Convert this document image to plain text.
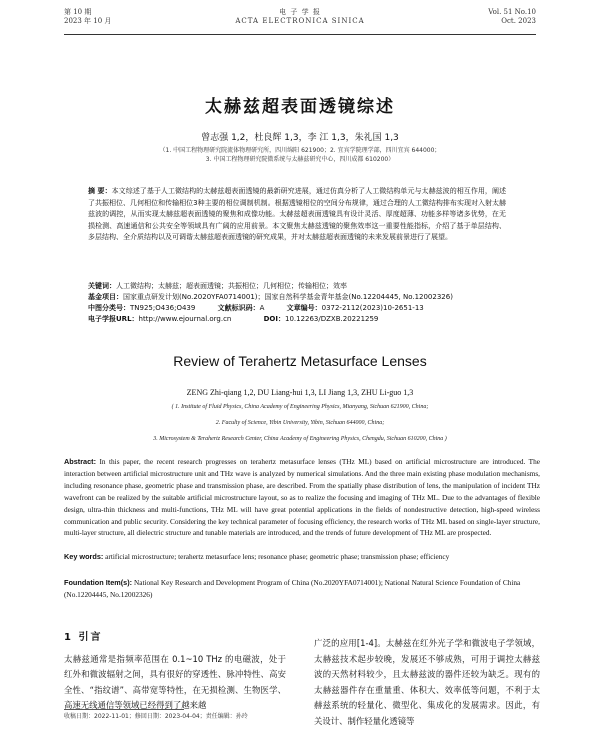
第 10 期
2023 年 10 月
电 子 学 报
ACTA ELECTRONICA SINICA
Vol. 51 No.10
Oct. 2023
太赫兹超表面透镜综述
曾志强 1,2，杜良辉 1,3，李 江 1,3，朱礼国 1,3
（1. 中国工程物理研究院流体物理研究所，四川绵阳 621900；2. 宜宾学院理学部，四川宜宾 644000；
3. 中国工程物理研究院微系统与太赫兹研究中心，四川成都 610200）
摘 要：本文综述了基于人工微结构的太赫兹超表面透镜的最新研究进展，通过仿真分析了人工微结构单元与太赫兹波的相互作用，阐述了共振相位、几何相位和传输相位3种主要的相位调制机制。根据透镜相位的空间分布规律，通过合理的人工微结构排布实现对入射太赫兹波的调控，从而实现太赫兹超表面透镜的聚焦和成像功能。太赫兹超表面透镜具有设计灵活、厚度超薄、功能多样等诸多优势，在无损检测、高速通信和公共安全等领域具有广阔的应用前景。本文聚焦太赫兹透镜的聚焦效率这一重要性能指标，介绍了基于单层结构、多层结构、全介质结构以及可调谐太赫兹超表面透镜的研究成果，并对太赫兹超表面透镜的未来发展前景进行了展望。
关键词：人工微结构；太赫兹；超表面透镜；共振相位；几何相位；传输相位；效率
基金项目：国家重点研发计划(No.2020YFA0714001)；国家自然科学基金青年基金(No.12204445, No.12002326)
中图分类号：TN925;O436;O439	文献标识码：A	文章编号：0372-2112(2023)10-2651-13
电子学报URL：http://www.ejournal.org.cn	DOI：10.12263/DZXB.20221259
Review of Terahertz Metasurface Lenses
ZENG Zhi-qiang 1,2, DU Liang-hui 1,3, LI Jiang 1,3, ZHU Li-guo 1,3
( 1. Institute of Fluid Physics, China Academy of Engineering Physics, Mianyang, Sichuan 621900, China;
2. Faculty of Science, Yibin University, Yibin, Sichuan 644000, China;
3. Microsystem & Terahertz Research Center, China Academy of Engineering Physics, Chengdu, Sichuan 610200, China )
Abstract: In this paper, the recent research progresses on terahertz metasurface lenses (THz ML) based on artificial microstructure are introduced. The interaction between artificial microstructure unit and THz wave is analyzed by numerical simulations. And the three main existing phase modulation mechanisms, including resonance phase, geometric phase and transmission phase, are described. From the spatially phase distribution of lens, the manipulation of incident THz wavefront can be realized by the suitable artificial microstructure layout, so as to realize the focusing and imaging of THz ML. Due to the advantages of flexible design, ultra-thin thickness and multi-functions, THz ML will have great potential applications in the fields of nondestructive detection, high-speed wireless communication and public security. Considering the key technical parameter of focusing efficiency, the research works of THz ML based on single-layer structure, multi-layer structure, all dielectric structure and tunable materials are introduced, and the trends of future development of THz ML are prospected.
Key words: artificial microstructure; terahertz metasurface lens; resonance phase; geometric phase; transmission phase; efficiency
Foundation Item(s): National Key Research and Development Program of China (No.2020YFA0714001); National Natural Science Foundation of China (No.12204445, No.12002326)
1 引言
太赫兹通常是指频率范围在 0.1~10 THz 的电磁波，处于红外和微波辐射之间，具有很好的穿透性、脉冲特性、高安全性、“指纹谱”、高带宽等特性，在无损检测、生物医学、高速无线通信等领域已经得到了越来越
广泛的应用[1-4]。太赫兹在红外光子学和微波电子学领域，太赫兹技术起步较晚，发展还不够成熟，可用于调控太赫兹波的天然材料较少，且太赫兹波的器件还较为缺乏。现有的太赫兹器件存在重量重、体积大、效率低等问题，不利于太赫兹系统的轻量化、微型化、集成化的发展需求。因此，有关设计、制作轻量化透镜等
收稿日期：2022-11-01；修回日期：2023-04-04；责任编辑：孙玲
